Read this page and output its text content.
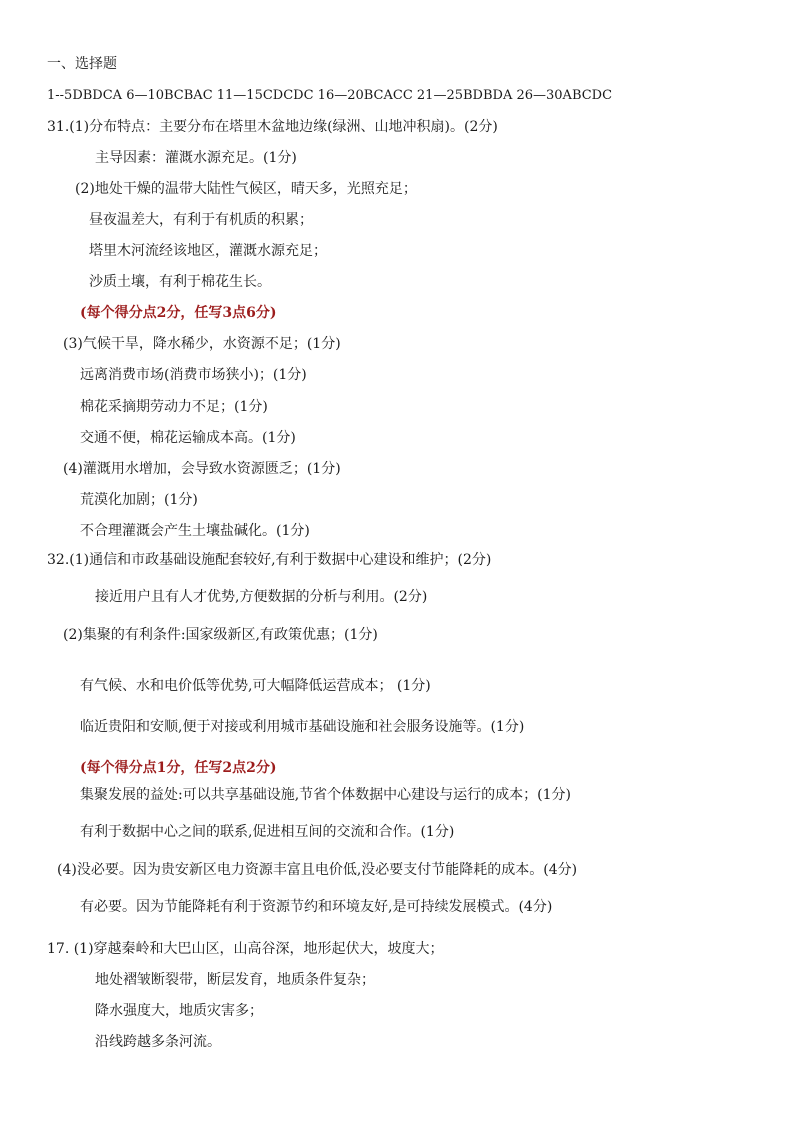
一、选择题
1--5DBDCA 6—10BCBAC 11—15CDCDC 16—20BCACC 21—25BDBDA 26—30ABCDC
31.(1)分布特点：主要分布在塔里木盆地边缘(绿洲、山地冲积扇)。(2分)
主导因素：灌溉水源充足。(1分)
(2)地处干燥的温带大陆性气候区，晴天多，光照充足；
昼夜温差大，有利于有机质的积累；
塔里木河流经该地区，灌溉水源充足；
沙质土壤，有利于棉花生长。
(每个得分点2分，任写3点6分)
(3)气候干旱，降水稀少，水资源不足；(1分)
远离消费市场(消费市场狭小)；(1分)
棉花采摘期劳动力不足；(1分)
交通不便，棉花运输成本高。(1分)
(4)灌溉用水增加，会导致水资源匮乏；(1分)
荒漠化加剧；(1分)
不合理灌溉会产生土壤盐碱化。(1分)
32.(1)通信和市政基础设施配套较好,有利于数据中心建设和维护；(2分)
接近用户且有人才优势,方便数据的分析与利用。(2分)
(2)集聚的有利条件:国家级新区,有政策优惠；(1分)
有气候、水和电价低等优势,可大幅降低运营成本； (1分)
临近贵阳和安顺,便于对接或利用城市基础设施和社会服务设施等。(1分)
(每个得分点1分，任写2点2分)
集聚发展的益处:可以共享基础设施,节省个体数据中心建设与运行的成本；(1分)
有利于数据中心之间的联系,促进相互间的交流和合作。(1分)
(4)没必要。因为贵安新区电力资源丰富且电价低,没必要支付节能降耗的成本。(4分)
有必要。因为节能降耗有利于资源节约和环境友好,是可持续发展模式。(4分)
17. (1)穿越秦岭和大巴山区，山高谷深，地形起伏大，坡度大；
地处褶皱断裂带，断层发育，地质条件复杂；
降水强度大，地质灾害多；
沿线跨越多条河流。
